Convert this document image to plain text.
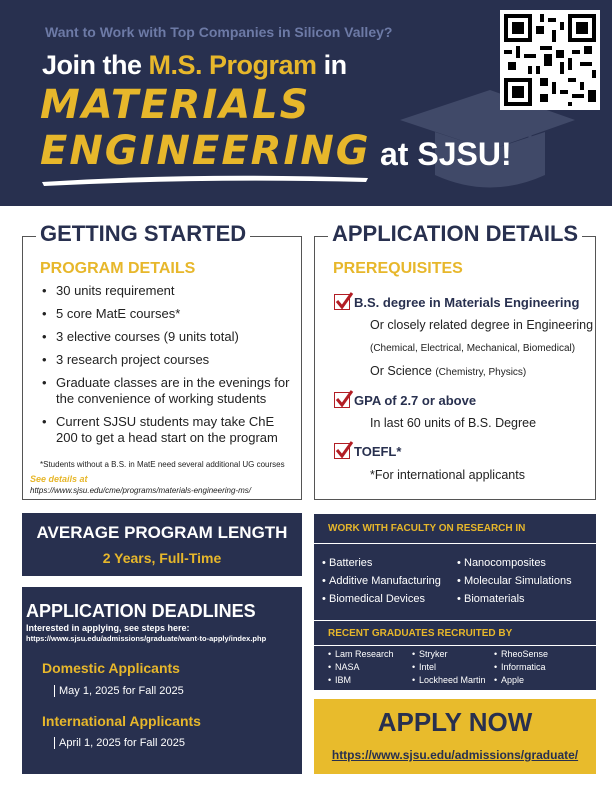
Want to Work with Top Companies in Silicon Valley?
Join the M.S. Program in
MATERIALS
ENGINEERING at SJSU!
GETTING STARTED
PROGRAM DETAILS
• 30 units requirement
• 5 core MatE courses*
• 3 elective courses (9 units total)
• 3 research project courses
• Graduate classes are in the evenings for the convenience of working students
• Current SJSU students may take ChE 200 to get a head start on the program
*Students without a B.S. in MatE need several additional UG courses
See details at
https://www.sjsu.edu/cme/programs/materials-engineering-ms/
APPLICATION DETAILS
PREREQUISITES
B.S. degree in Materials Engineering
Or closely related degree in Engineering
(Chemical, Electrical, Mechanical, Biomedical)
Or Science (Chemistry, Physics)
GPA of 2.7 or above
In last 60 units of B.S. Degree
TOEFL*
*For international applicants
AVERAGE PROGRAM LENGTH
2 Years, Full-Time
APPLICATION DEADLINES
Interested in applying, see steps here:
https://www.sjsu.edu/admissions/graduate/want-to-apply/index.php
Domestic Applicants
May 1, 2025 for Fall 2025
International Applicants
April 1, 2025 for Fall 2025
WORK WITH FACULTY ON RESEARCH IN
• Batteries
• Additive Manufacturing
• Biomedical Devices
• Nanocomposites
• Molecular Simulations
• Biomaterials
RECENT GRADUATES RECRUITED BY
• Lam Research
• NASA
• IBM
• Stryker
• Intel
• Lockheed Martin
• RheoSense
• Informatica
• Apple
APPLY NOW
https://www.sjsu.edu/admissions/graduate/
